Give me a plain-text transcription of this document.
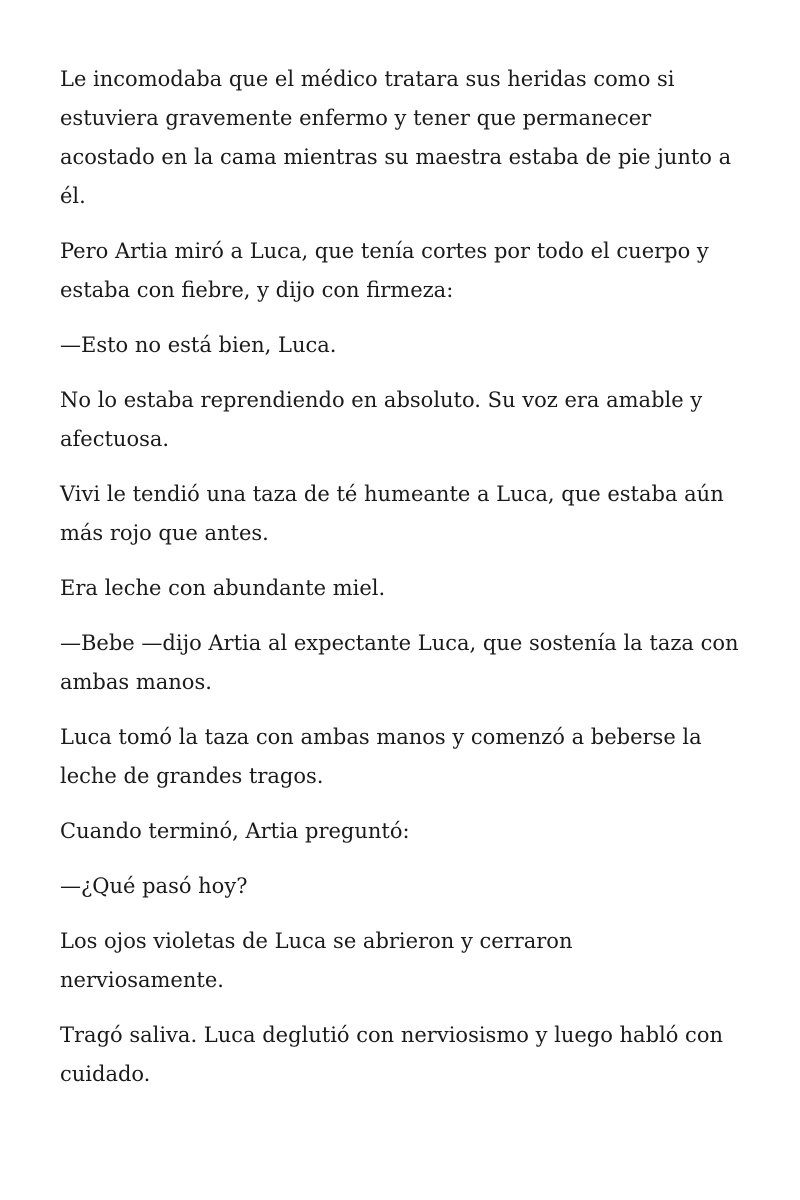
Le incomodaba que el médico tratara sus heridas como si estuviera gravemente enfermo y tener que permanecer acostado en la cama mientras su maestra estaba de pie junto a él.

Pero Artia miró a Luca, que tenía cortes por todo el cuerpo y estaba con fiebre, y dijo con firmeza:

—Esto no está bien, Luca.

No lo estaba reprendiendo en absoluto. Su voz era amable y afectuosa.

Vivi le tendió una taza de té humeante a Luca, que estaba aún más rojo que antes.

Era leche con abundante miel.

—Bebe —dijo Artia al expectante Luca, que sostenía la taza con ambas manos.

Luca tomó la taza con ambas manos y comenzó a beberse la leche de grandes tragos.

Cuando terminó, Artia preguntó:

—¿Qué pasó hoy?

Los ojos violetas de Luca se abrieron y cerraron nerviosamente.

Tragó saliva. Luca deglutió con nerviosismo y luego habló con cuidado.
